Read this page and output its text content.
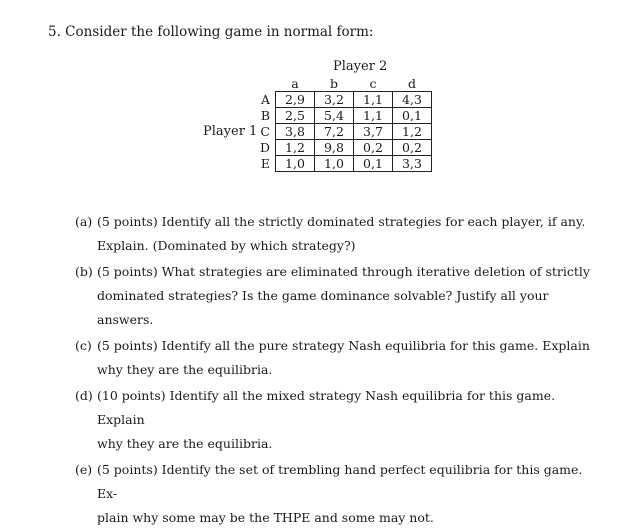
5. Consider the following game in normal form:
Player 2
Player 1
	a	b	c	d
A	2,9	3,2	1,1	4,3
B	2,5	5,4	1,1	0,1
C	3,8	7,2	3,7	1,2
D	1,2	9,8	0,2	0,2
E	1,0	1,0	0,1	3,3
(a) (5 points) Identify all the strictly dominated strategies for each player, if any.
Explain. (Dominated by which strategy?)
(b) (5 points) What strategies are eliminated through iterative deletion of strictly
dominated strategies? Is the game dominance solvable? Justify all your answers.
(c) (5 points) Identify all the pure strategy Nash equilibria for this game. Explain
why they are the equilibria.
(d) (10 points) Identify all the mixed strategy Nash equilibria for this game. Explain
why they are the equilibria.
(e) (5 points) Identify the set of trembling hand perfect equilibria for this game. Ex-
plain why some may be the THPE and some may not.
